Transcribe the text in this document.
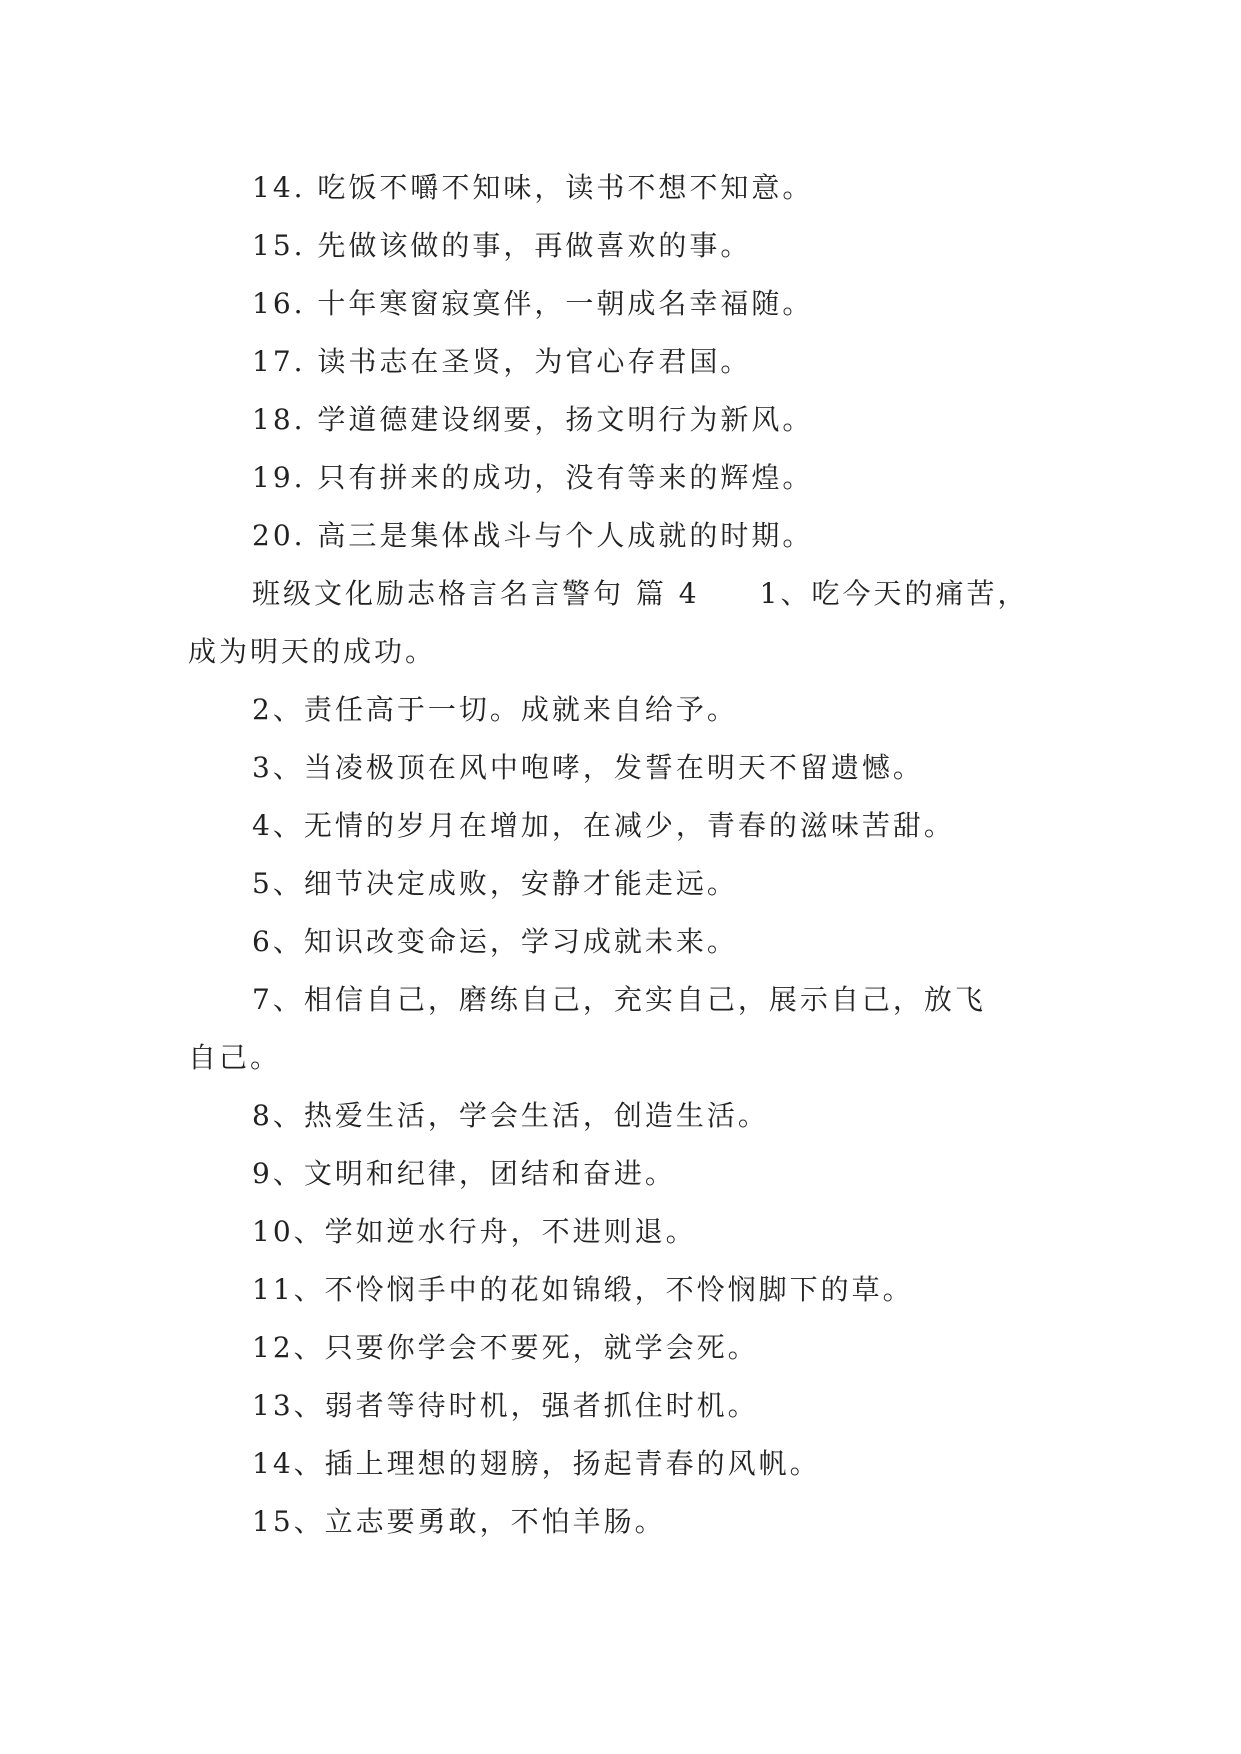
14. 吃饭不嚼不知味，读书不想不知意。
15. 先做该做的事，再做喜欢的事。
16. 十年寒窗寂寞伴，一朝成名幸福随。
17. 读书志在圣贤，为官心存君国。
18. 学道德建设纲要，扬文明行为新风。
19. 只有拼来的成功，没有等来的辉煌。
20. 高三是集体战斗与个人成就的时期。
班级文化励志格言名言警句 篇 4 1、吃今天的痛苦，
成为明天的成功。
2、责任高于一切。成就来自给予。
3、当凌极顶在风中咆哮，发誓在明天不留遗憾。
4、无情的岁月在增加，在减少，青春的滋味苦甜。
5、细节决定成败，安静才能走远。
6、知识改变命运，学习成就未来。
7、相信自己，磨练自己，充实自己，展示自己，放飞
自己。
8、热爱生活，学会生活，创造生活。
9、文明和纪律，团结和奋进。
10、学如逆水行舟，不进则退。
11、不怜悯手中的花如锦缎，不怜悯脚下的草。
12、只要你学会不要死，就学会死。
13、弱者等待时机，强者抓住时机。
14、插上理想的翅膀，扬起青春的风帆。
15、立志要勇敢，不怕羊肠。
